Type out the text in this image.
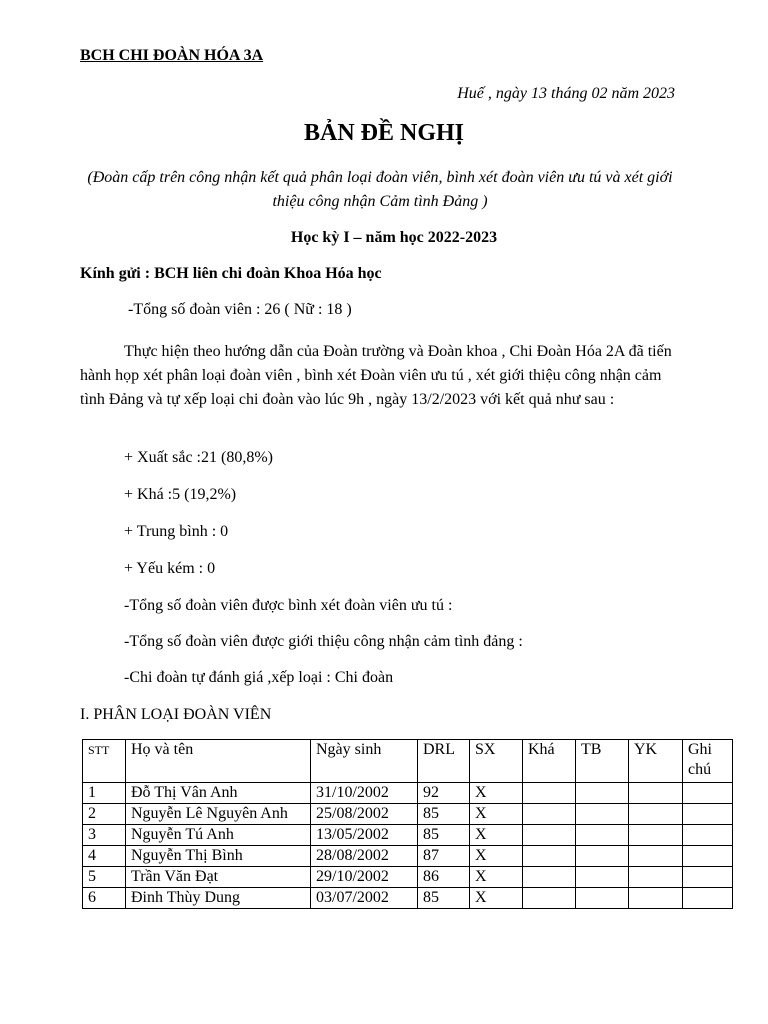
BCH CHI ĐOÀN HÓA 3A
Huế , ngày 13 tháng 02 năm 2023
BẢN ĐỀ NGHỊ
(Đoàn cấp trên công nhận kết quả phân loại đoàn viên, bình xét đoàn viên ưu tú và xét giới thiệu công nhận Cảm tình Đảng )
Học kỳ I – năm học 2022-2023
Kính gửi : BCH liên chi đoàn Khoa Hóa học
-Tổng số đoàn viên : 26 ( Nữ : 18 )
Thực hiện theo hướng dẫn của Đoàn trường và Đoàn khoa , Chi Đoàn Hóa 2A đã tiến hành họp xét phân loại đoàn viên , bình xét Đoàn viên ưu tú , xét giới thiệu công nhận cảm tình Đảng và tự xếp loại chi đoàn vào lúc 9h , ngày 13/2/2023 với kết quả như sau :
+ Xuất sắc :21 (80,8%)
+ Khá :5 (19,2%)
+ Trung bình : 0
+ Yếu kém : 0
-Tổng số đoàn viên được bình xét đoàn viên ưu tú :
-Tổng số đoàn viên được giới thiệu công nhận cảm tình đảng :
-Chi đoàn tự đánh giá ,xếp loại : Chi đoàn
I. PHÂN LOẠI ĐOÀN VIÊN
STT	Họ và tên	Ngày sinh	DRL	SX	Khá	TB	YK	Ghi chú
1	Đỗ Thị Vân Anh	31/10/2002	92	X				
2	Nguyễn Lê Nguyên Anh	25/08/2002	85	X				
3	Nguyễn Tú Anh	13/05/2002	85	X				
4	Nguyễn Thị Bình	28/08/2002	87	X				
5	Trần Văn Đạt	29/10/2002	86	X				
6	Đinh Thùy Dung	03/07/2002	85	X				
